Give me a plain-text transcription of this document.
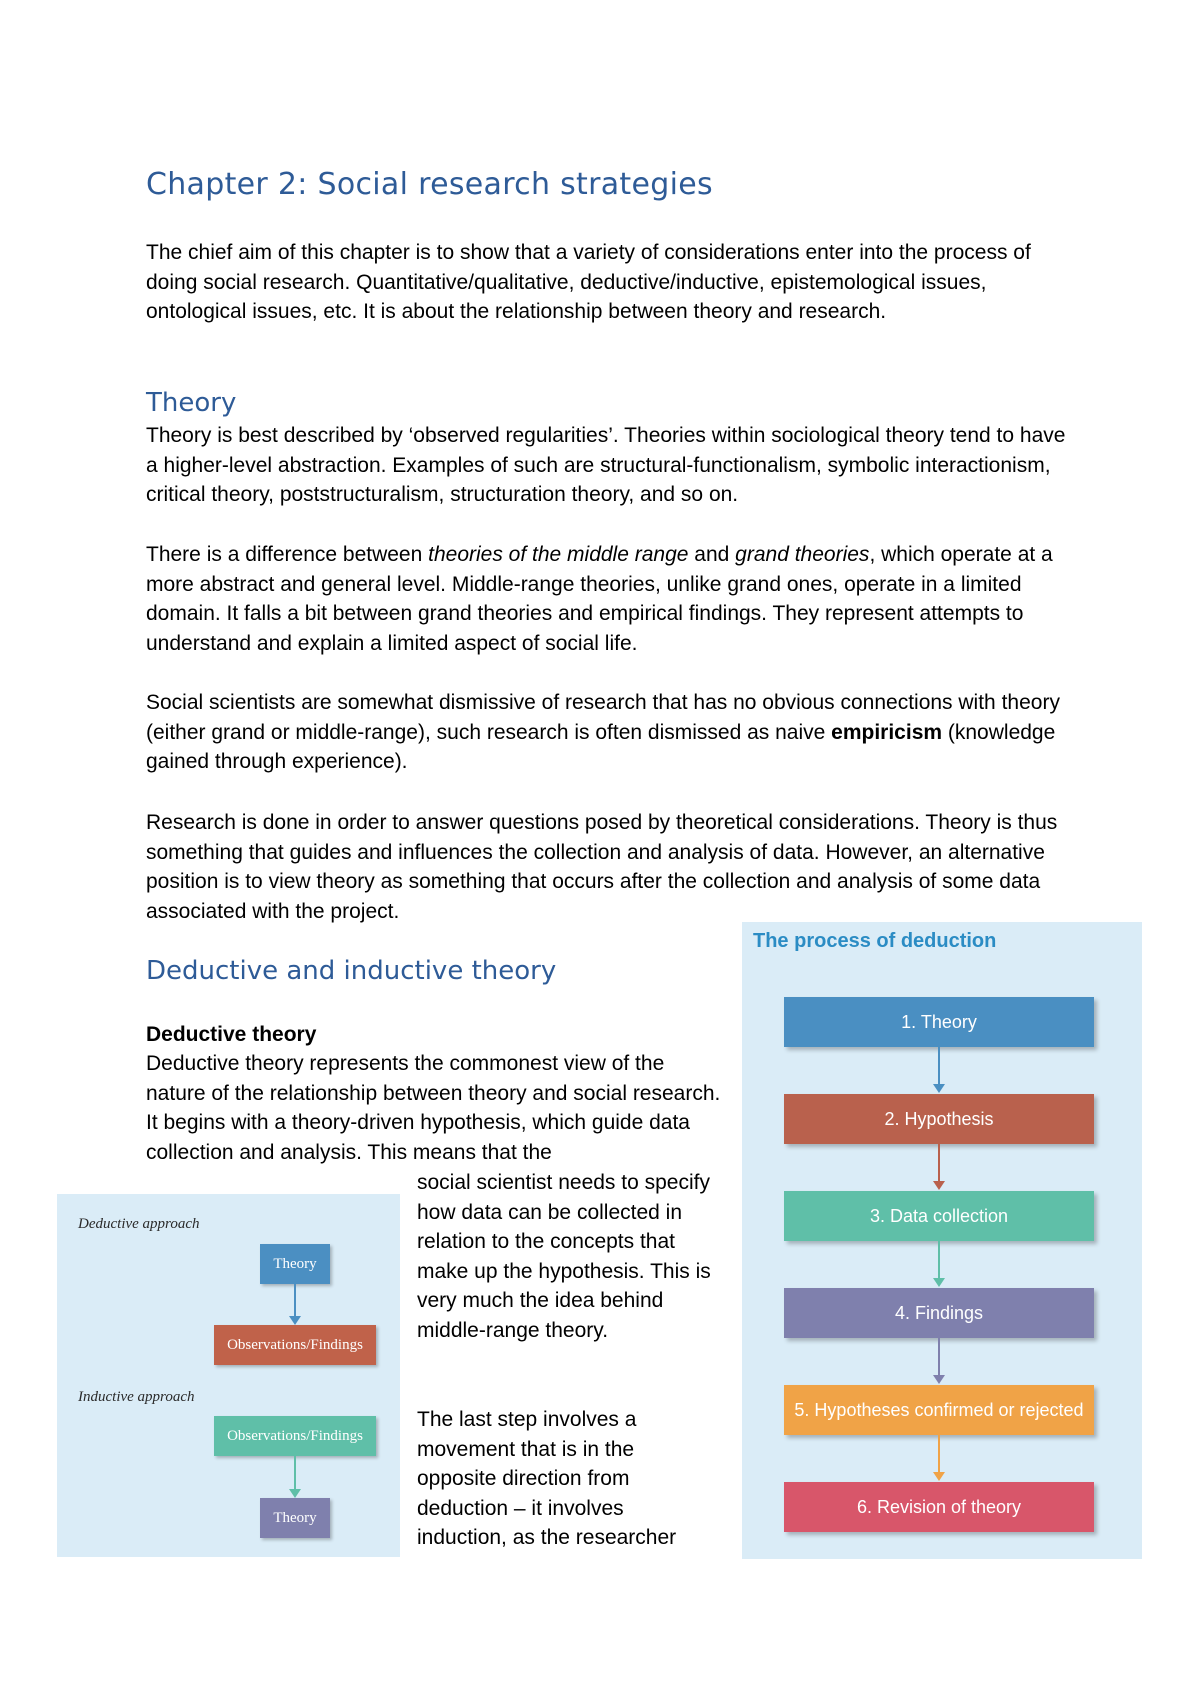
Chapter 2: Social research strategies

The chief aim of this chapter is to show that a variety of considerations enter into the process of doing social research. Quantitative/qualitative, deductive/inductive, epistemological issues, ontological issues, etc. It is about the relationship between theory and research.

Theory

Theory is best described by ‘observed regularities’. Theories within sociological theory tend to have a higher-level abstraction. Examples of such are structural-functionalism, symbolic interactionism, critical theory, poststructuralism, structuration theory, and so on.

There is a difference between theories of the middle range and grand theories, which operate at a more abstract and general level. Middle-range theories, unlike grand ones, operate in a limited domain. It falls a bit between grand theories and empirical findings. They represent attempts to understand and explain a limited aspect of social life.

Social scientists are somewhat dismissive of research that has no obvious connections with theory (either grand or middle-range), such research is often dismissed as naive empiricism (knowledge gained through experience).

Research is done in order to answer questions posed by theoretical considerations. Theory is thus something that guides and influences the collection and analysis of data. However, an alternative position is to view theory as something that occurs after the collection and analysis of some data associated with the project.

Deductive and inductive theory

Deductive theory

Deductive theory represents the commonest view of the nature of the relationship between theory and social research. It begins with a theory-driven hypothesis, which guide data collection and analysis. This means that the

social scientist needs to specify how data can be collected in relation to the concepts that make up the hypothesis. This is very much the idea behind middle-range theory.

The last step involves a movement that is in the opposite direction from deduction – it involves induction, as the researcher

Deductive approach
Theory
Observations/Findings
Inductive approach
Observations/Findings
Theory
The process of deduction
1. Theory
2. Hypothesis
3. Data collection
4. Findings
5. Hypotheses confirmed or rejected
6. Revision of theory
